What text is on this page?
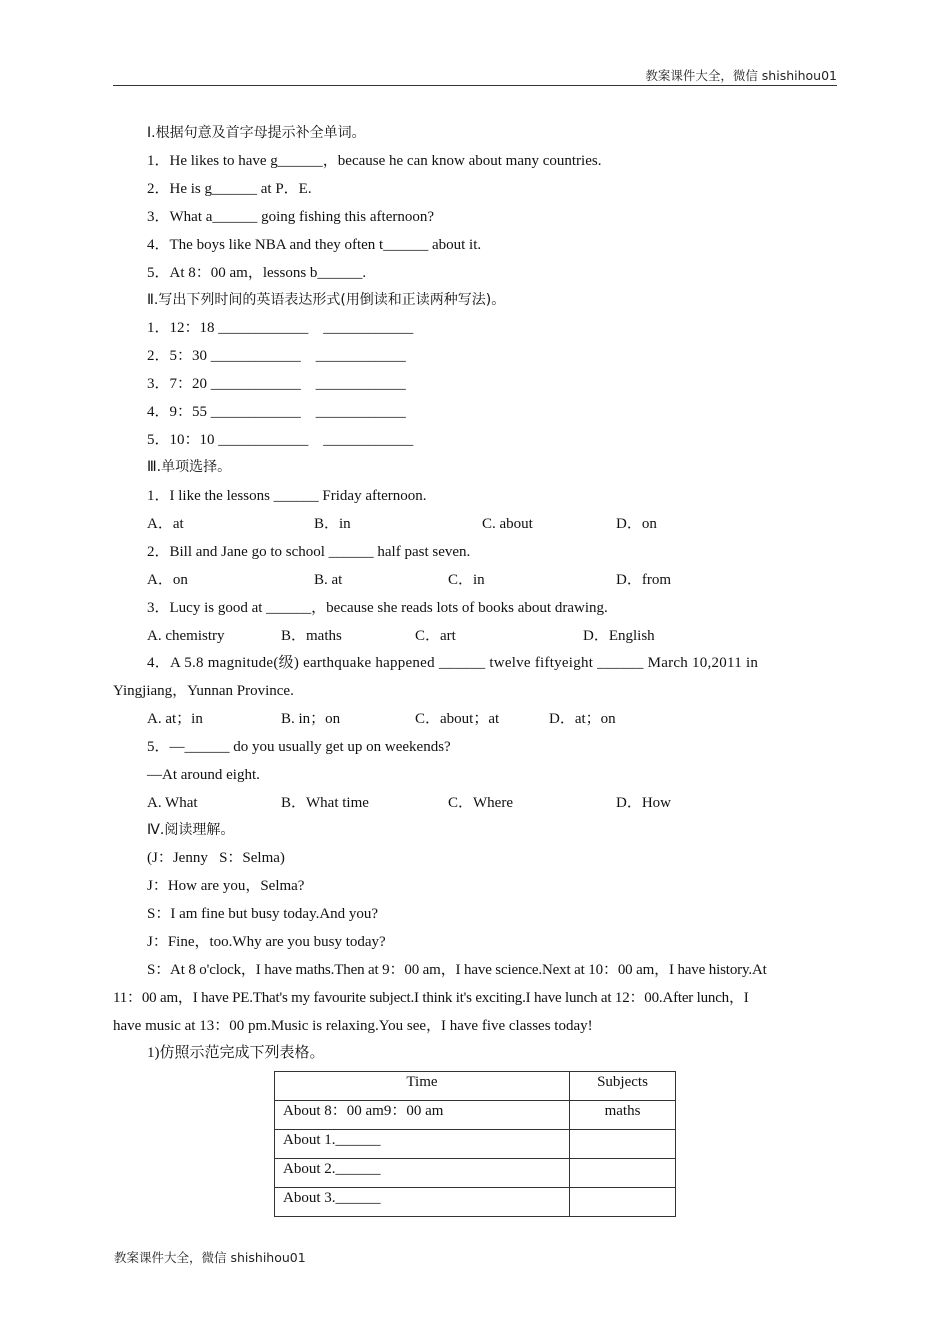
教案课件大全，微信 shishihou01
Ⅰ.根据句意及首字母提示补全单词。
1．He likes to have g______，because he can know about many countries.
2．He is g______ at P．E.
3．What a______ going fishing this afternoon?
4．The boys like NBA and they often t______ about it.
5．At 8：00 am，lessons b______.
Ⅱ.写出下列时间的英语表达形式(用倒读和正读两种写法)。
1．12：18 ____________    ____________
2．5：30 ____________    ____________
3．7：20 ____________    ____________
4．9：55 ____________    ____________
5．10：10 ____________    ____________
Ⅲ.单项选择。
1．I like the lessons ______ Friday afternoon.
A．at	B．in	C. about	D．on
2．Bill and Jane go to school ______ half past seven.
A．on	B. at	C．in	D．from
3．Lucy is good at ______，because she reads lots of books about drawing.
A. chemistry	B．maths	C．art	D．English
4．A 5.8 magnitude(级) earthquake happened ______ twelve fiftyeight ______ March 10,2011 in
Yingjiang，Yunnan Province.
A. at；in	B. in；on	C．about；at	D．at；on
5．—______ do you usually get up on weekends?
—At around eight.
A. What	B．What time	C．Where	D．How
Ⅳ.阅读理解。
(J：Jenny   S：Selma)
J：How are you，Selma?
S：I am fine but busy today.And you?
J：Fine，too.Why are you busy today?
S：At 8 o'clock，I have maths.Then at 9：00 am，I have science.Next at 10：00 am，I have history.At
11：00 am，I have PE.That's my favourite subject.I think it's exciting.I have lunch at 12：00.After lunch，I
have music at 13：00 pm.Music is relaxing.You see，I have five classes today!
1)仿照示范完成下列表格。
Time	Subjects
About 8：00 am9：00 am	maths
About 1.______	
About 2.______	
About 3.______	
教案课件大全，微信 shishihou01
